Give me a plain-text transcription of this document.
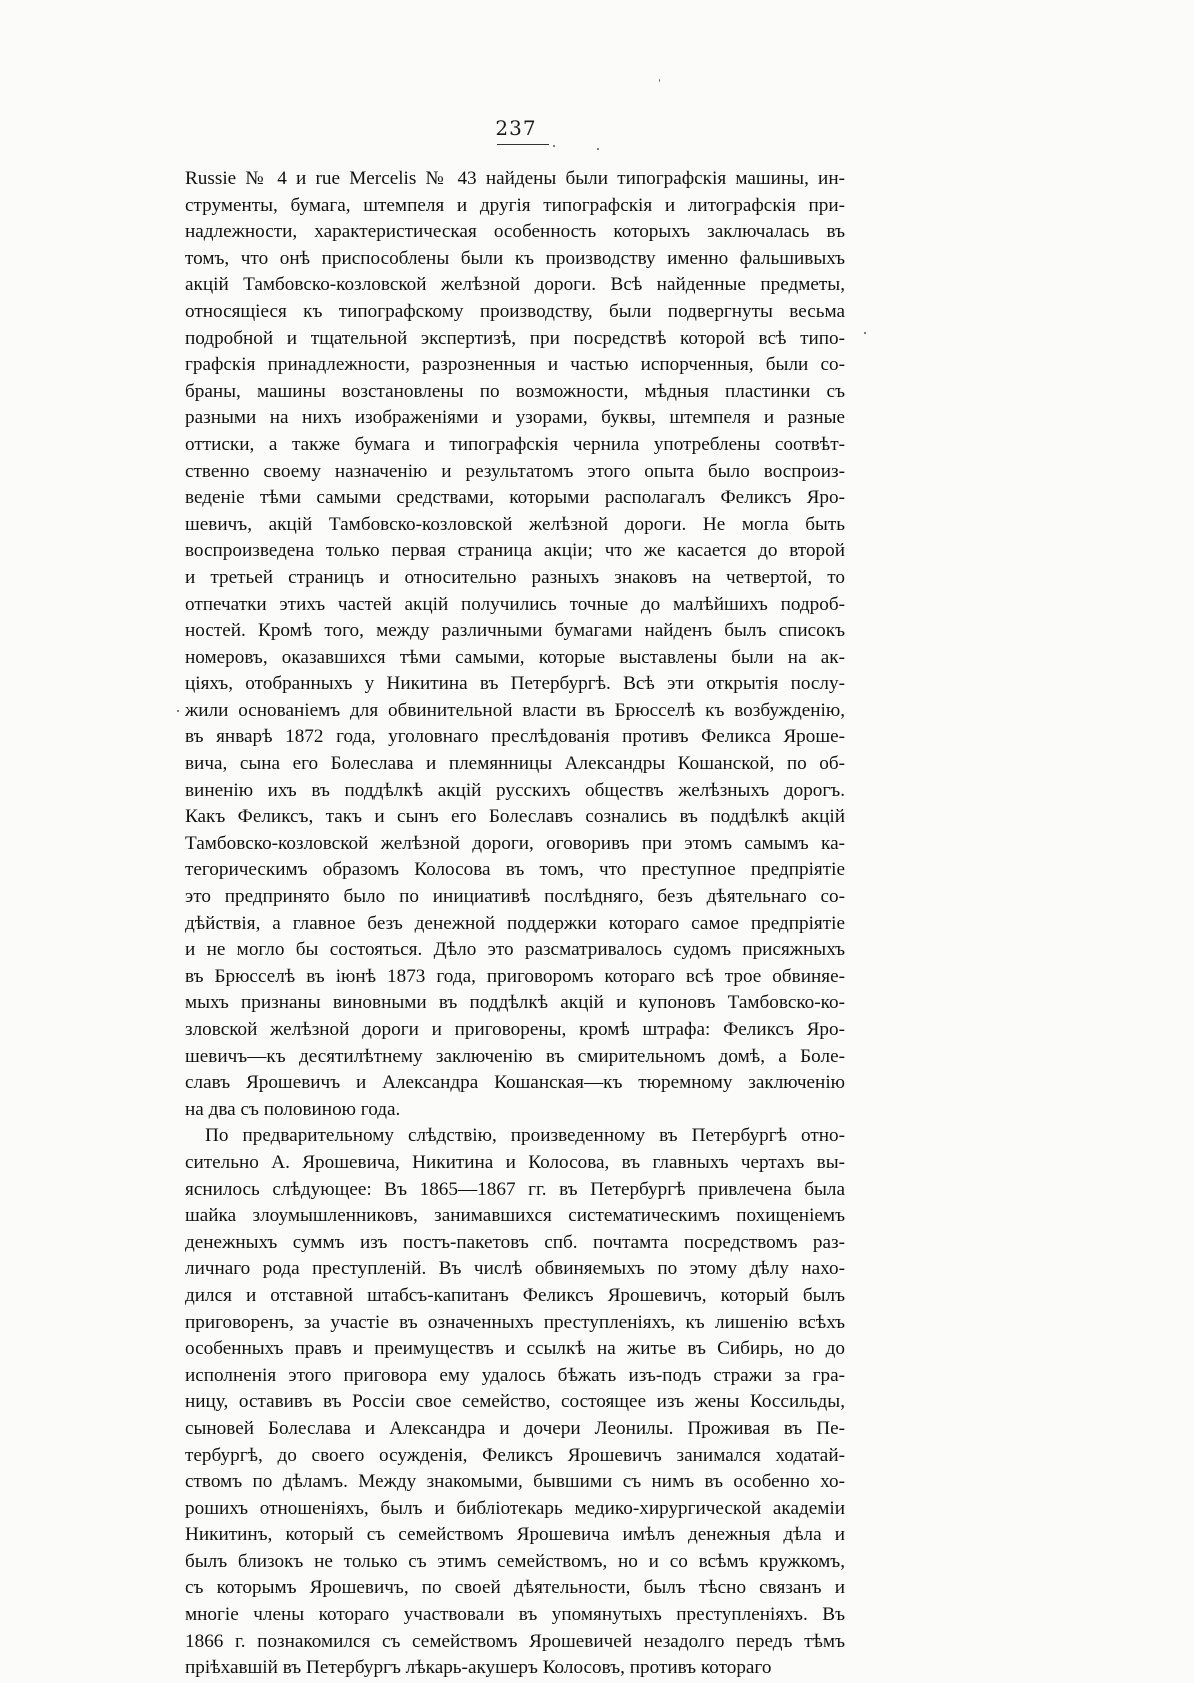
237
Russie № 4 и rue Mercelis № 43 найдены были типографскія машины, ин-
струменты, бумага, штемпеля и другія типографскія и литографскія при-
надлежности, характеристическая особенность которыхъ заключалась въ
томъ, что онѣ приспособлены были къ производству именно фальшивыхъ
акцій Тамбовско-козловской желѣзной дороги. Всѣ найденные предметы,
относящіеся къ типографскому производству, были подвергнуты весьма
подробной и тщательной экспертизѣ, при посредствѣ которой всѣ типо-
графскія принадлежности, разрозненныя и частью испорченныя, были со-
браны, машины возстановлены по возможности, мѣдныя пластинки съ
разными на нихъ изображеніями и узорами, буквы, штемпеля и разные
оттиски, а также бумага и типографскія чернила употреблены соотвѣт-
ственно своему назначенію и результатомъ этого опыта было воспроиз-
веденіе тѣми самыми средствами, которыми располагалъ Феликсъ Яро-
шевичъ, акцій Тамбовско-козловской желѣзной дороги. Не могла быть
воспроизведена только первая страница акціи; что же касается до второй
и третьей страницъ и относительно разныхъ знаковъ на четвертой, то
отпечатки этихъ частей акцій получились точные до малѣйшихъ подроб-
ностей. Кромѣ того, между различными бумагами найденъ былъ списокъ
номеровъ, оказавшихся тѣми самыми, которые выставлены были на ак-
ціяхъ, отобранныхъ у Никитина въ Петербургѣ. Всѣ эти открытія послу-
жили основаніемъ для обвинительной власти въ Брюсселѣ къ возбужденію,
въ январѣ 1872 года, уголовнаго преслѣдованія противъ Феликса Ярошe-
вича, сына его Болеслава и племянницы Александры Кошанской, по об-
виненію ихъ въ поддѣлкѣ акцій русскихъ обществъ желѣзныхъ дорогъ.
Какъ Феликсъ, такъ и сынъ его Болеславъ сознались въ поддѣлкѣ акцій
Тамбовско-козловской желѣзной дороги, оговоривъ при этомъ самымъ ка-
тегорическимъ образомъ Колосова въ томъ, что преступное предпріятіе
это предпринято было по инициативѣ послѣдняго, безъ дѣятельнаго со-
дѣйствія, а главное безъ денежной поддержки котораго самое предпріятіе
и не могло бы состояться. Дѣло это разсматривалось судомъ присяжныхъ
въ Брюсселѣ въ іюнѣ 1873 года, приговоромъ котораго всѣ трое обвиняе-
мыхъ признаны виновными въ поддѣлкѣ акцій и купоновъ Тамбовско-ко-
зловской желѣзной дороги и приговорены, кромѣ штрафа: Феликсъ Яро-
шевичъ—къ десятилѣтнему заключенію въ смирительномъ домѣ, а Боле-
славъ Ярошевичъ и Александра Кошанская—къ тюремному заключенію
на два съ половиною года.
По предварительному слѣдствію, произведенному въ Петербургѣ отно-
сительно А. Ярошевича, Никитина и Колосова, въ главныхъ чертахъ вы-
яснилось слѣдующее: Въ 1865—1867 гг. въ Петербургѣ привлечена была
шайка злоумышленниковъ, занимавшихся систематическимъ похищеніемъ
денежныхъ суммъ изъ постъ-пакетовъ спб. почтамта посредствомъ раз-
личнаго рода преступленій. Въ числѣ обвиняемыхъ по этому дѣлу нахо-
дился и отставной штабсъ-капитанъ Феликсъ Ярошевичъ, который былъ
приговоренъ, за участіе въ означенныхъ преступленіяхъ, къ лишенію всѣхъ
особенныхъ правъ и преимуществъ и ссылкѣ на житье въ Сибирь, но до
исполненія этого приговора ему удалось бѣжать изъ-подъ стражи за гра-
ницу, оставивъ въ Россіи свое семейство, состоящее изъ жены Коссильды,
сыновей Болеслава и Александра и дочери Леонилы. Проживая въ Пе-
тербургѣ, до своего осужденія, Феликсъ Ярошевичъ занимался ходатай-
ствомъ по дѣламъ. Между знакомыми, бывшими съ нимъ въ особенно хо-
рошихъ отношеніяхъ, былъ и библіотекарь медико-хирургической академіи
Никитинъ, который съ семействомъ Ярошевича имѣлъ денежныя дѣла и
былъ близокъ не только съ этимъ семействомъ, но и со всѣмъ кружкомъ,
съ которымъ Ярошевичъ, по своей дѣятельности, былъ тѣсно связанъ и
многіе члены котораго участвовали въ упомянутыхъ преступленіяхъ. Въ
1866 г. познакомился съ семействомъ Ярошевичей незадолго передъ тѣмъ
пріѣхавшій въ Петербургъ лѣкарь-акушеръ Колосовъ, противъ котораго
